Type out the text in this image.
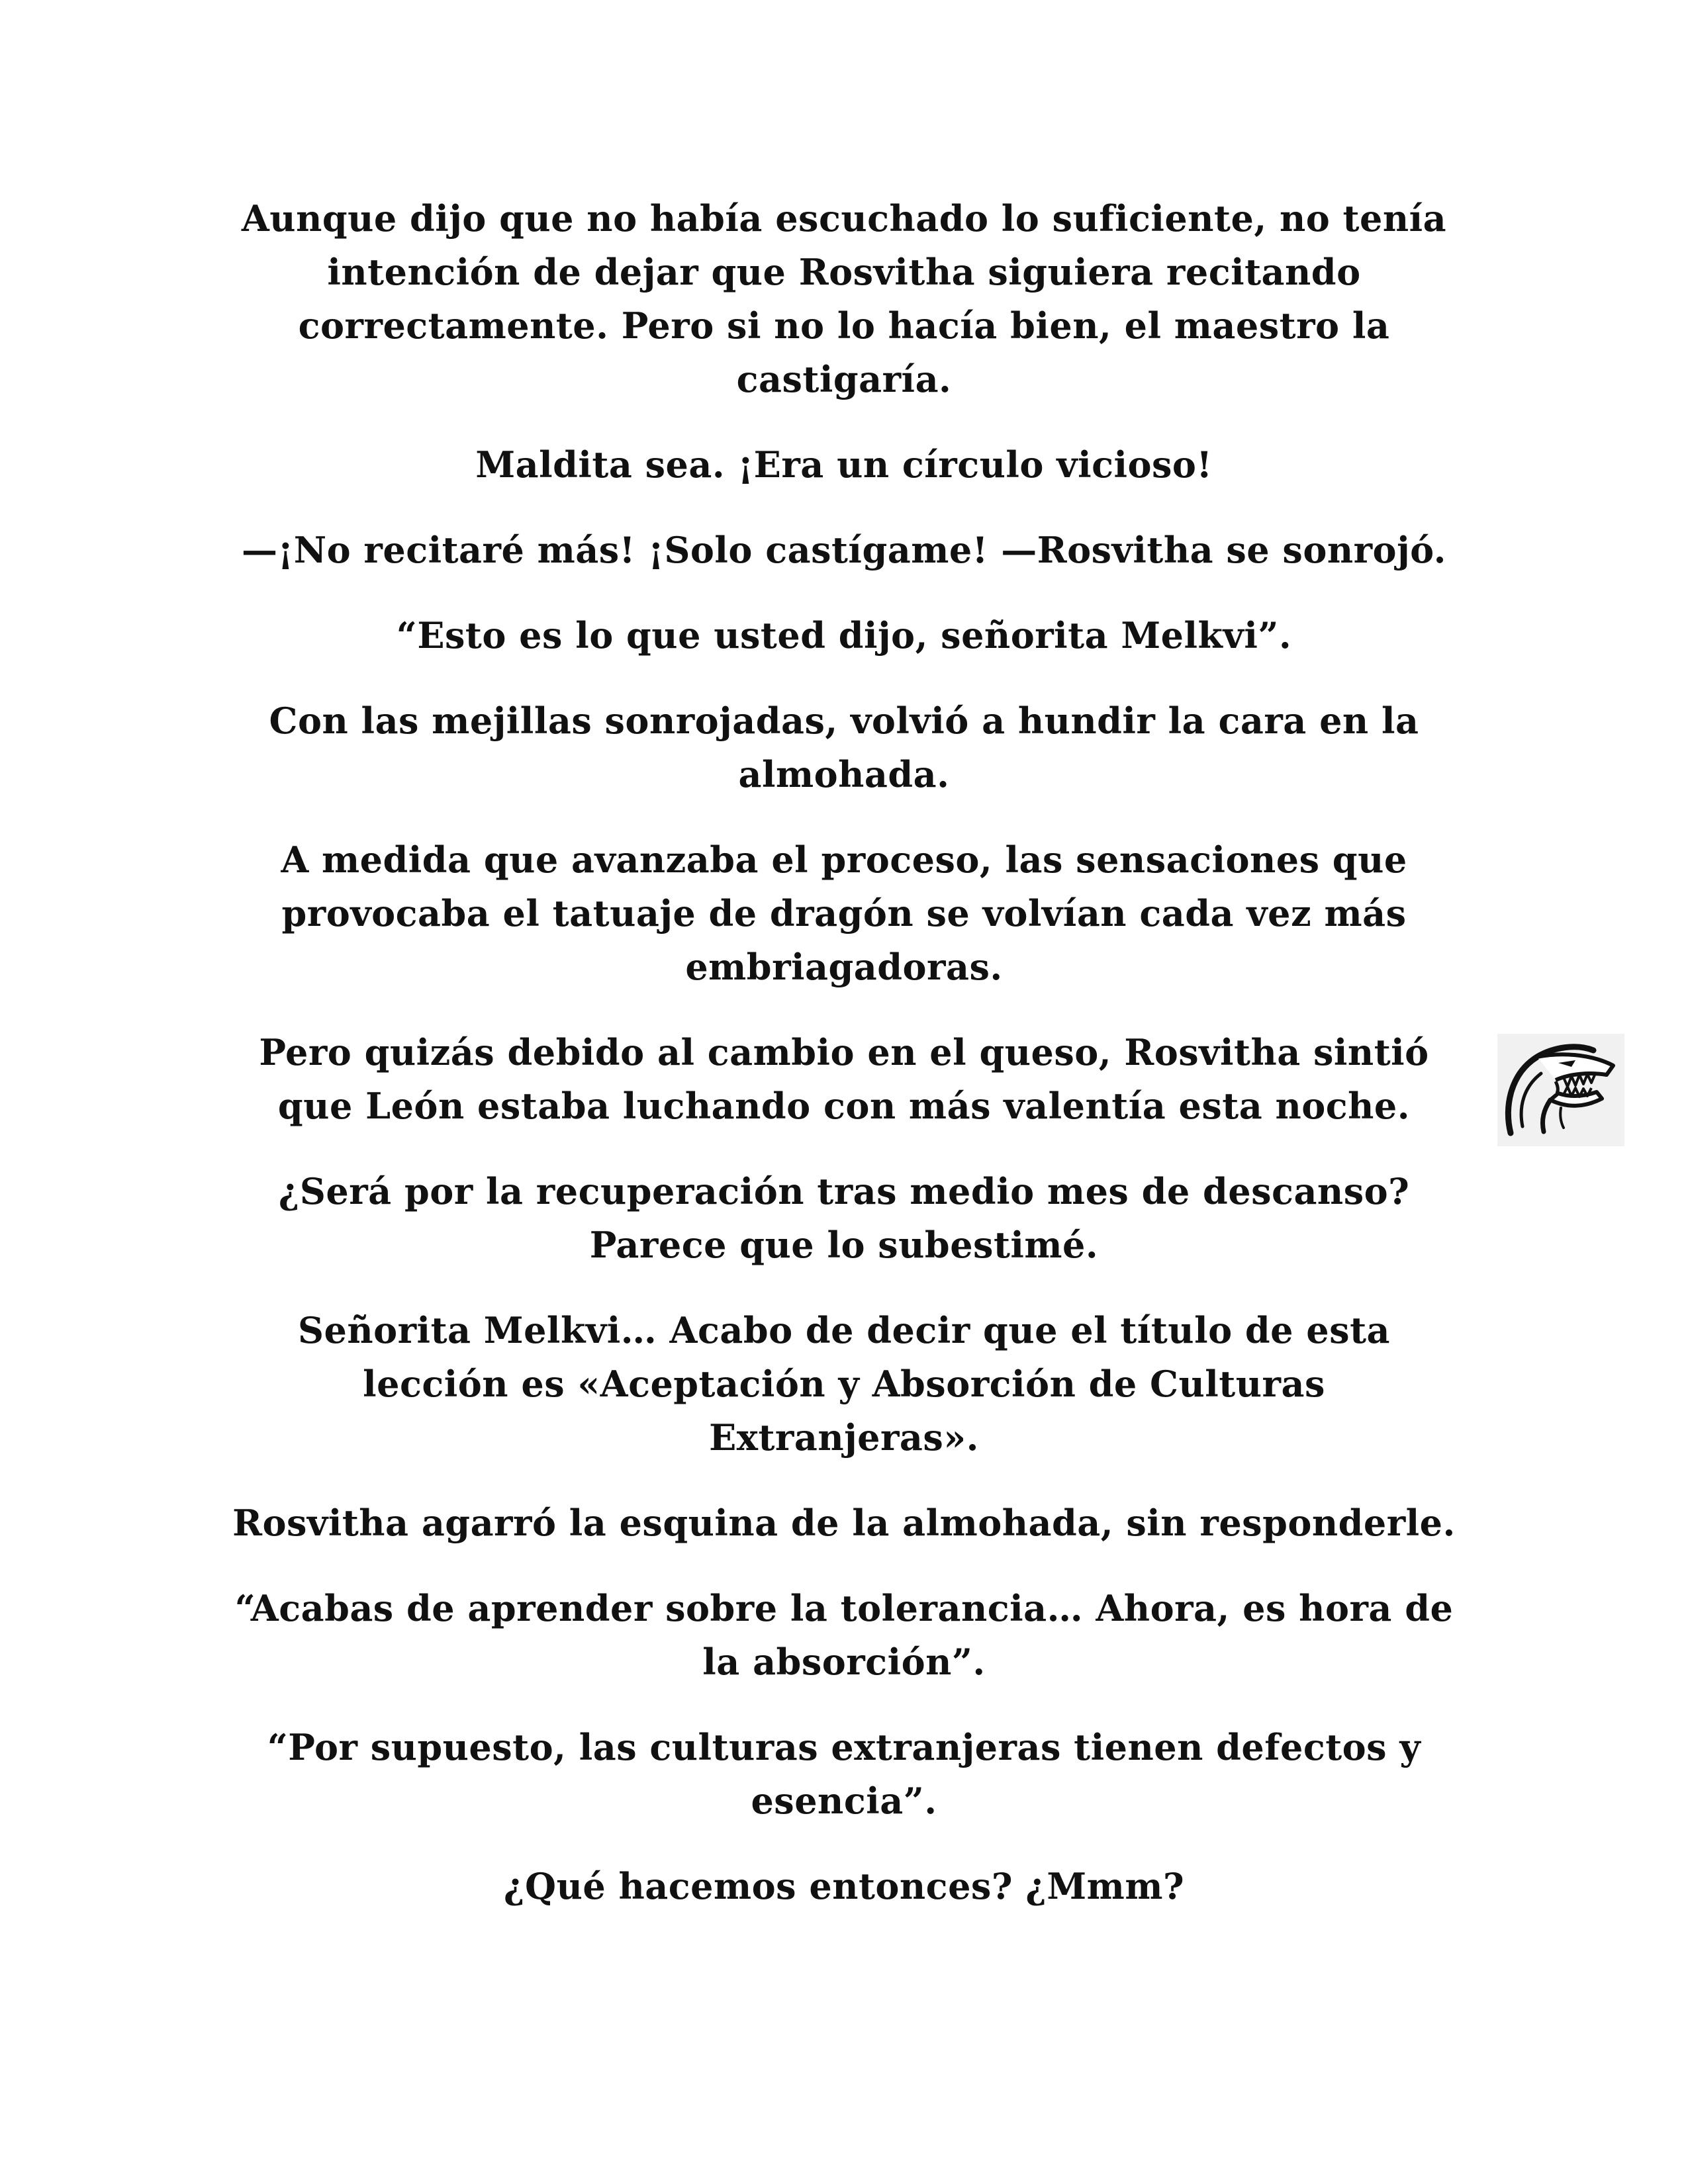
Aunque dijo que no había escuchado lo suficiente, no tenía intención de dejar que Rosvitha siguiera recitando correctamente. Pero si no lo hacía bien, el maestro la castigaría.

Maldita sea. ¡Era un círculo vicioso!

—¡No recitaré más! ¡Solo castígame! —Rosvitha se sonrojó.

“Esto es lo que usted dijo, señorita Melkvi”.

Con las mejillas sonrojadas, volvió a hundir la cara en la almohada.

A medida que avanzaba el proceso, las sensaciones que provocaba el tatuaje de dragón se volvían cada vez más embriagadoras.

Pero quizás debido al cambio en el queso, Rosvitha sintió que León estaba luchando con más valentía esta noche.

¿Será por la recuperación tras medio mes de descanso? Parece que lo subestimé.

Señorita Melkvi… Acabo de decir que el título de esta lección es «Aceptación y Absorción de Culturas Extranjeras».

Rosvitha agarró la esquina de la almohada, sin responderle.

“Acabas de aprender sobre la tolerancia… Ahora, es hora de la absorción”.

“Por supuesto, las culturas extranjeras tienen defectos y esencia”.

¿Qué hacemos entonces? ¿Mmm?
